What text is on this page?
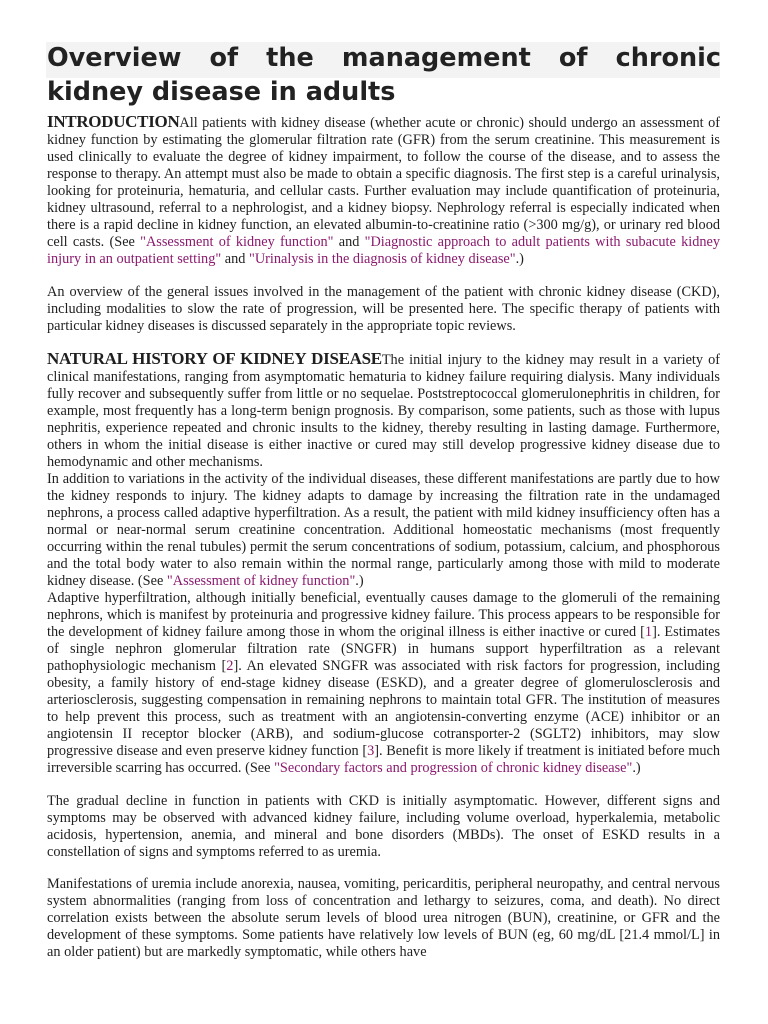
Overview of the management of chronic kidney disease in adults

INTRODUCTIONAll patients with kidney disease (whether acute or chronic) should undergo an assessment of kidney function by estimating the glomerular filtration rate (GFR) from the serum creatinine. This measurement is used clinically to evaluate the degree of kidney impairment, to follow the course of the disease, and to assess the response to therapy. An attempt must also be made to obtain a specific diagnosis. The first step is a careful urinalysis, looking for proteinuria, hematuria, and cellular casts. Further evaluation may include quantification of proteinuria, kidney ultrasound, referral to a nephrologist, and a kidney biopsy. Nephrology referral is especially indicated when there is a rapid decline in kidney function, an elevated albumin-to-creatinine ratio (>300 mg/g), or urinary red blood cell casts. (See "Assessment of kidney function" and "Diagnostic approach to adult patients with subacute kidney injury in an outpatient setting" and "Urinalysis in the diagnosis of kidney disease".)

An overview of the general issues involved in the management of the patient with chronic kidney disease (CKD), including modalities to slow the rate of progression, will be presented here. The specific therapy of patients with particular kidney diseases is discussed separately in the appropriate topic reviews.

NATURAL HISTORY OF KIDNEY DISEASEThe initial injury to the kidney may result in a variety of clinical manifestations, ranging from asymptomatic hematuria to kidney failure requiring dialysis. Many individuals fully recover and subsequently suffer from little or no sequelae. Poststreptococcal glomerulonephritis in children, for example, most frequently has a long-term benign prognosis. By comparison, some patients, such as those with lupus nephritis, experience repeated and chronic insults to the kidney, thereby resulting in lasting damage. Furthermore, others in whom the initial disease is either inactive or cured may still develop progressive kidney disease due to hemodynamic and other mechanisms.

In addition to variations in the activity of the individual diseases, these different manifestations are partly due to how the kidney responds to injury. The kidney adapts to damage by increasing the filtration rate in the undamaged nephrons, a process called adaptive hyperfiltration. As a result, the patient with mild kidney insufficiency often has a normal or near-normal serum creatinine concentration. Additional homeostatic mechanisms (most frequently occurring within the renal tubules) permit the serum concentrations of sodium, potassium, calcium, and phosphorous and the total body water to also remain within the normal range, particularly among those with mild to moderate kidney disease. (See "Assessment of kidney function".)

Adaptive hyperfiltration, although initially beneficial, eventually causes damage to the glomeruli of the remaining nephrons, which is manifest by proteinuria and progressive kidney failure. This process appears to be responsible for the development of kidney failure among those in whom the original illness is either inactive or cured [1]. Estimates of single nephron glomerular filtration rate (SNGFR) in humans support hyperfiltration as a relevant pathophysiologic mechanism [2]. An elevated SNGFR was associated with risk factors for progression, including obesity, a family history of end-stage kidney disease (ESKD), and a greater degree of glomerulosclerosis and arteriosclerosis, suggesting compensation in remaining nephrons to maintain total GFR. The institution of measures to help prevent this process, such as treatment with an angiotensin-converting enzyme (ACE) inhibitor or an angiotensin II receptor blocker (ARB), and sodium-glucose cotransporter-2 (SGLT2) inhibitors, may slow progressive disease and even preserve kidney function [3]. Benefit is more likely if treatment is initiated before much irreversible scarring has occurred. (See "Secondary factors and progression of chronic kidney disease".)

The gradual decline in function in patients with CKD is initially asymptomatic. However, different signs and symptoms may be observed with advanced kidney failure, including volume overload, hyperkalemia, metabolic acidosis, hypertension, anemia, and mineral and bone disorders (MBDs). The onset of ESKD results in a constellation of signs and symptoms referred to as uremia.

Manifestations of uremia include anorexia, nausea, vomiting, pericarditis, peripheral neuropathy, and central nervous system abnormalities (ranging from loss of concentration and lethargy to seizures, coma, and death). No direct correlation exists between the absolute serum levels of blood urea nitrogen (BUN), creatinine, or GFR and the development of these symptoms. Some patients have relatively low levels of BUN (eg, 60 mg/dL [21.4 mmol/L] in an older patient) but are markedly symptomatic, while others have
